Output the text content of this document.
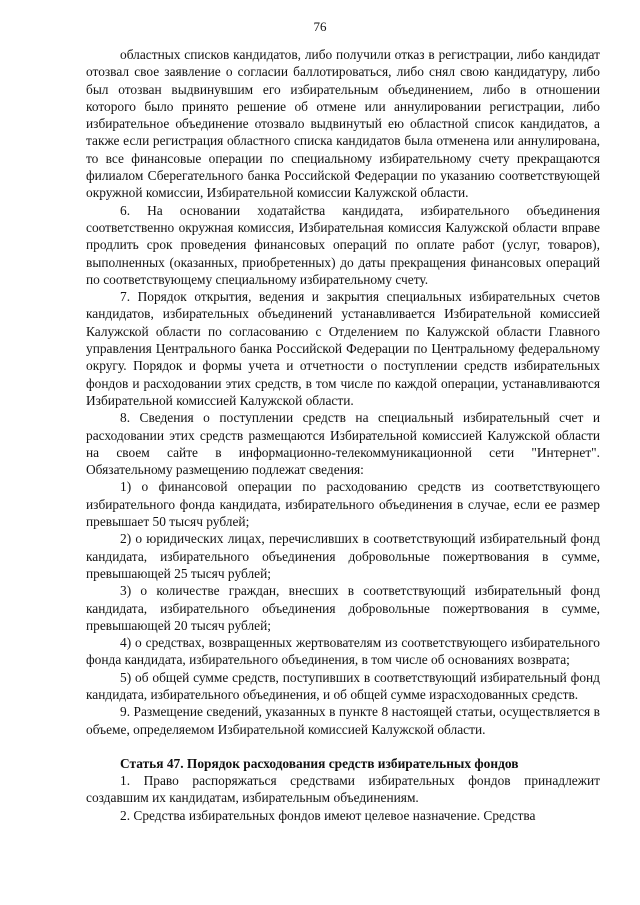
76

областных списков кандидатов, либо получили отказ в регистрации, либо кандидат отозвал свое заявление о согласии баллотироваться, либо снял свою кандидатуру, либо был отозван выдвинувшим его избирательным объединением, либо в отношении которого было принято решение об отмене или аннулировании регистрации, либо избирательное объединение отозвало выдвинутый ею областной список кандидатов, а также если регистрация областного списка кандидатов была отменена или аннулирована, то все финансовые операции по специальному избирательному счету прекращаются филиалом Сберегательного банка Российской Федерации по указанию соответствующей окружной комиссии, Избирательной комиссии Калужской области.

6. На основании ходатайства кандидата, избирательного объединения соответственно окружная комиссия, Избирательная комиссия Калужской области вправе продлить срок проведения финансовых операций по оплате работ (услуг, товаров), выполненных (оказанных, приобретенных) до даты прекращения финансовых операций по соответствующему специальному избирательному счету.

7. Порядок открытия, ведения и закрытия специальных избирательных счетов кандидатов, избирательных объединений устанавливается Избирательной комиссией Калужской области по согласованию с Отделением по Калужской области Главного управления Центрального банка Российской Федерации по Центральному федеральному округу. Порядок и формы учета и отчетности о поступлении средств избирательных фондов и расходовании этих средств, в том числе по каждой операции, устанавливаются Избирательной комиссией Калужской области.

8. Сведения о поступлении средств на специальный избирательный счет и расходовании этих средств размещаются Избирательной комиссией Калужской области на своем сайте в информационно-телекоммуникационной сети "Интернет". Обязательному размещению подлежат сведения:

1) о финансовой операции по расходованию средств из соответствующего избирательного фонда кандидата, избирательного объединения в случае, если ее размер превышает 50 тысяч рублей;

2) о юридических лицах, перечисливших в соответствующий избирательный фонд кандидата, избирательного объединения добровольные пожертвования в сумме, превышающей 25 тысяч рублей;

3) о количестве граждан, внесших в соответствующий избирательный фонд кандидата, избирательного объединения добровольные пожертвования в сумме, превышающей 20 тысяч рублей;

4) о средствах, возвращенных жертвователям из соответствующего избирательного фонда кандидата, избирательного объединения, в том числе об основаниях возврата;

5) об общей сумме средств, поступивших в соответствующий избирательный фонд кандидата, избирательного объединения, и об общей сумме израсходованных средств.

9. Размещение сведений, указанных в пункте 8 настоящей статьи, осуществляется в объеме, определяемом Избирательной комиссией Калужской области.

Статья 47. Порядок расходования средств избирательных фондов

1. Право распоряжаться средствами избирательных фондов принадлежит создавшим их кандидатам, избирательным объединениям.

2. Средства избирательных фондов имеют целевое назначение. Средства
